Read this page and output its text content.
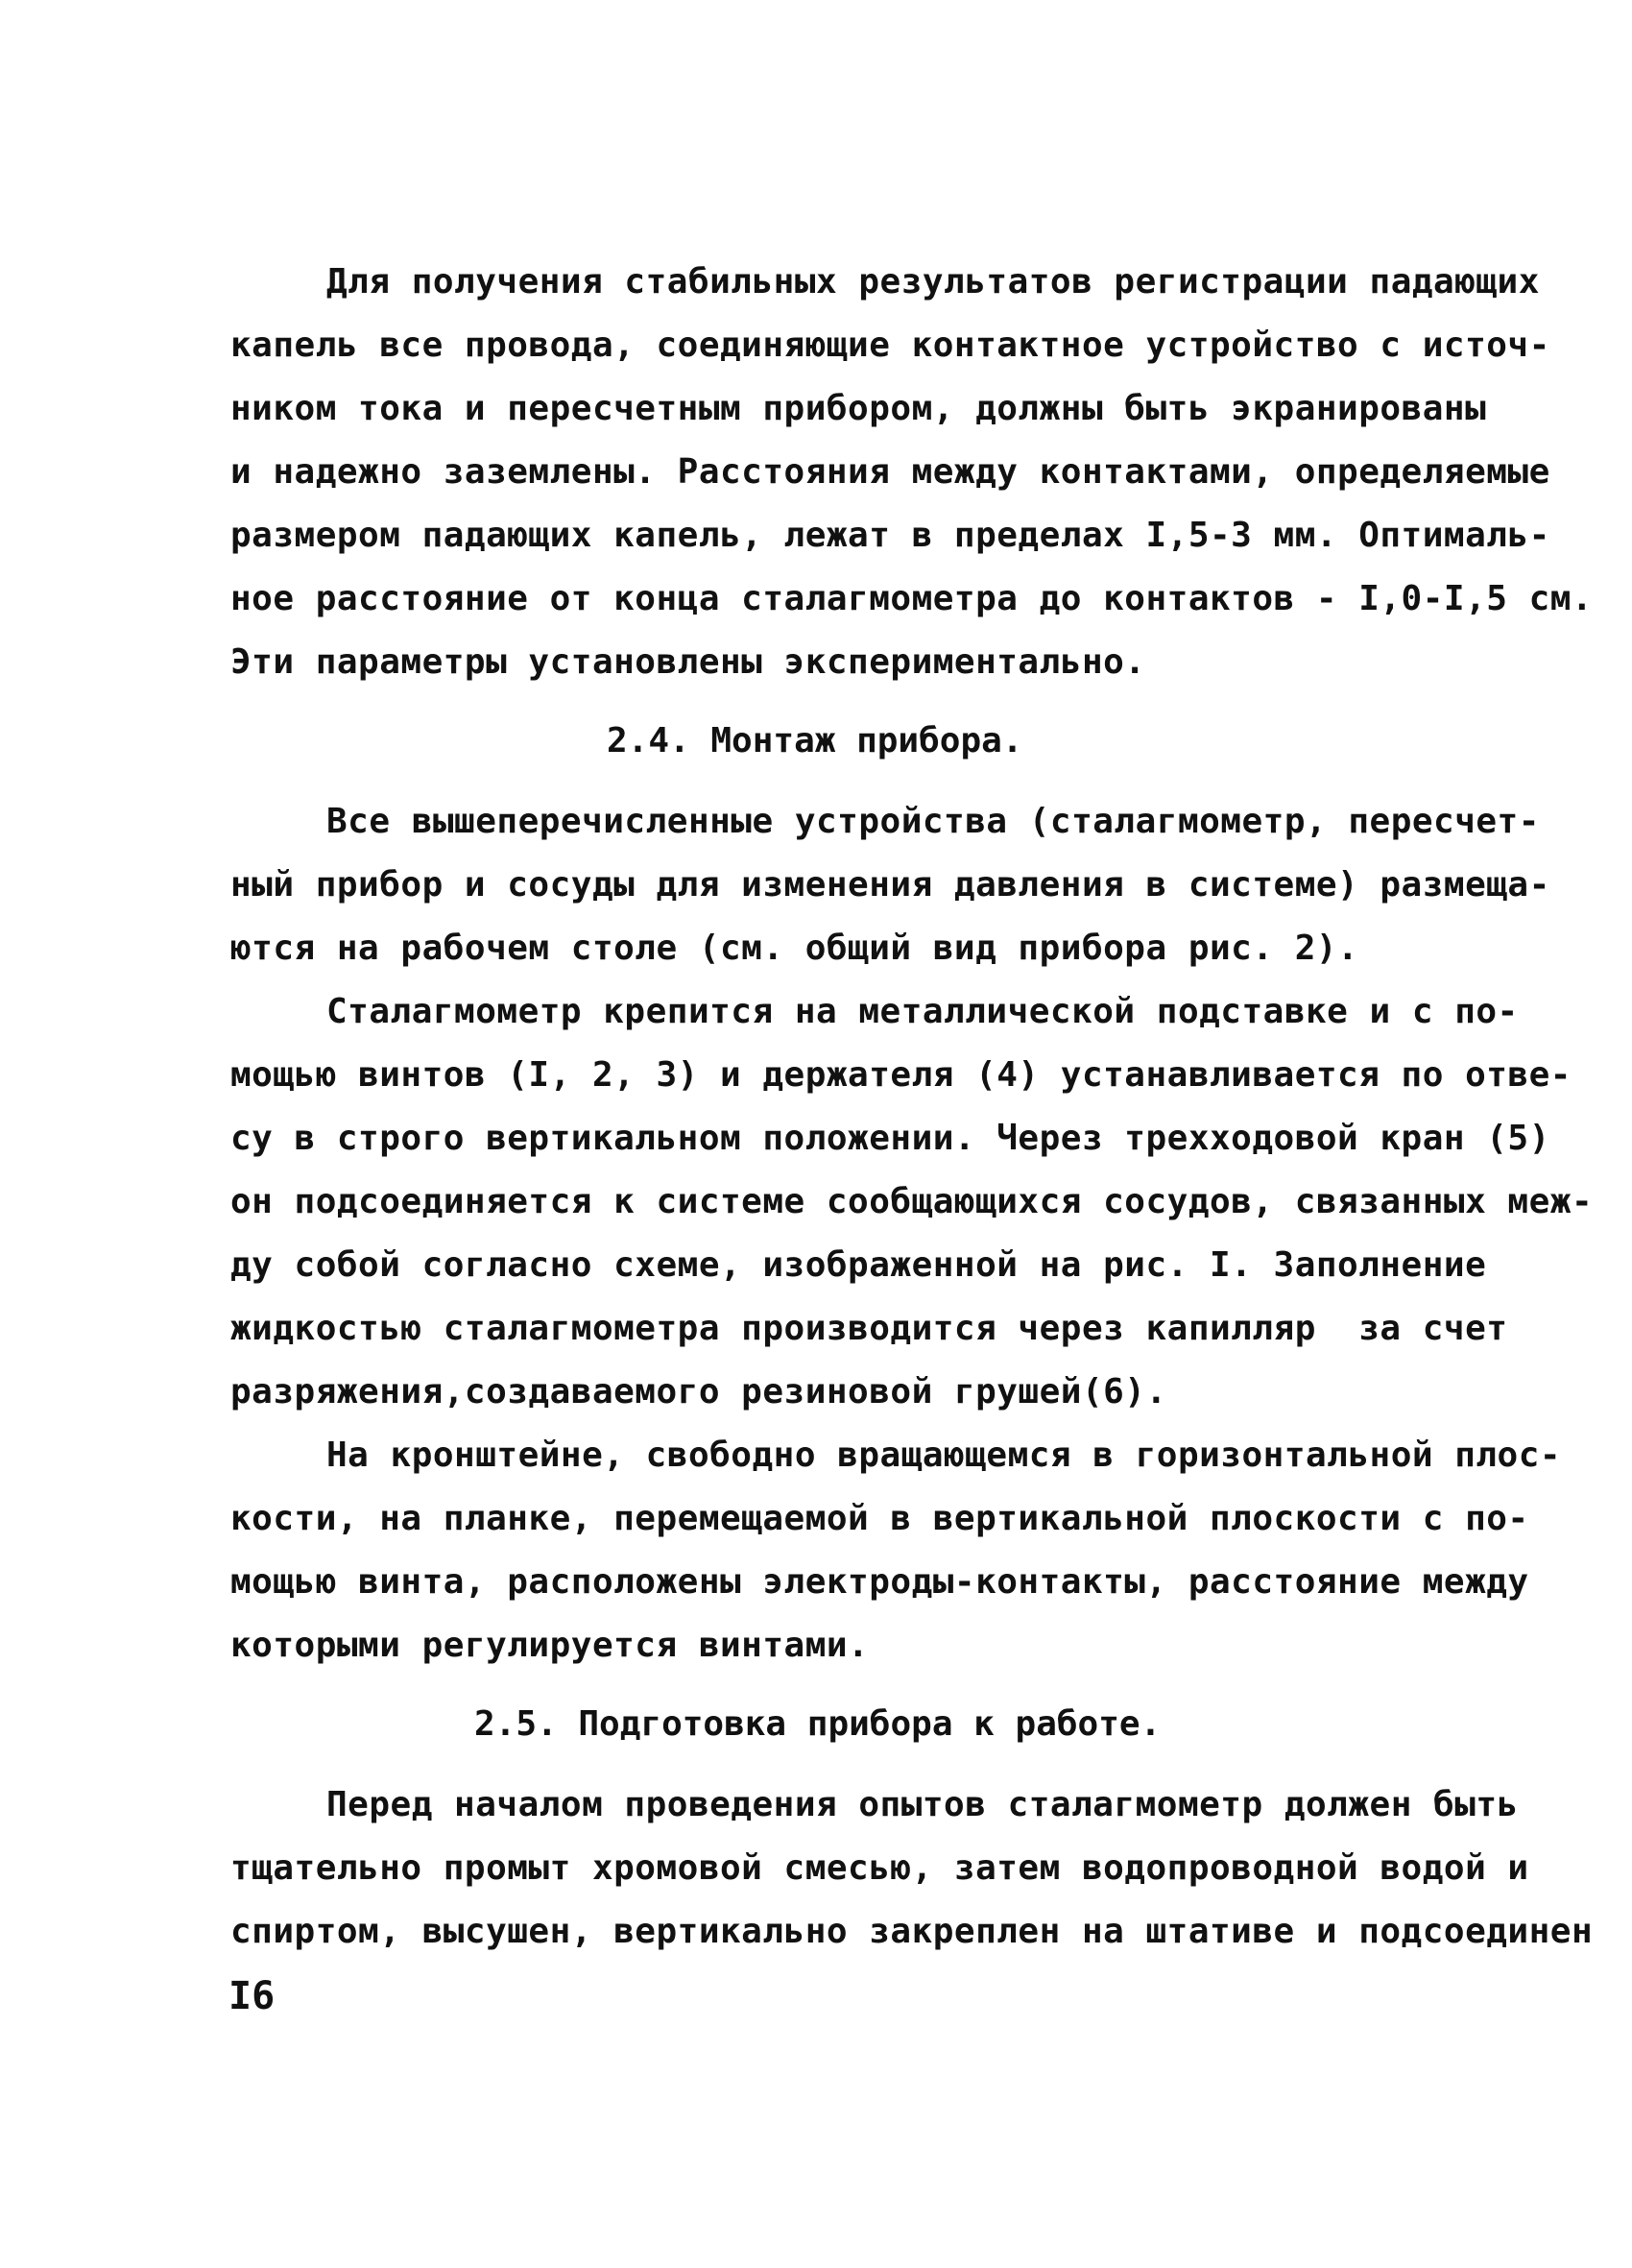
Для получения стабильных результатов регистрации падающих
капель все провода, соединяющие контактное устройство с источ-
ником тока и пересчетным прибором, должны быть экранированы
и надежно заземлены. Расстояния между контактами, определяемые
размером падающих капель, лежат в пределах I,5-3 мм. Оптималь-
ное расстояние от конца сталагмометра до контактов - I,0-I,5 см.
Эти параметры установлены экспериментально.
2.4. Монтаж прибора.
Все вышеперечисленные устройства (сталагмометр, пересчет-
ный прибор и сосуды для изменения давления в системе) размеща-
ются на рабочем столе (см. общий вид прибора рис. 2).
Сталагмометр крепится на металлической подставке и с по-
мощью винтов (I, 2, 3) и держателя (4) устанавливается по отве-
су в строго вертикальном положении. Через трехходовой кран (5)
он подсоединяется к системе сообщающихся сосудов, связанных меж-
ду собой согласно схеме, изображенной на рис. I. Заполнение
жидкостью сталагмометра производится через капилляр  за счет
разряжения,создаваемого резиновой грушей(6).
На кронштейне, свободно вращающемся в горизонтальной плос-
кости, на планке, перемещаемой в вертикальной плоскости с по-
мощью винта, расположены электроды-контакты, расстояние между
которыми регулируется винтами.
2.5. Подготовка прибора к работе.
Перед началом проведения опытов сталагмометр должен быть
тщательно промыт хромовой смесью, затем водопроводной водой и
спиртом, высушен, вертикально закреплен на штативе и подсоединен
I6
